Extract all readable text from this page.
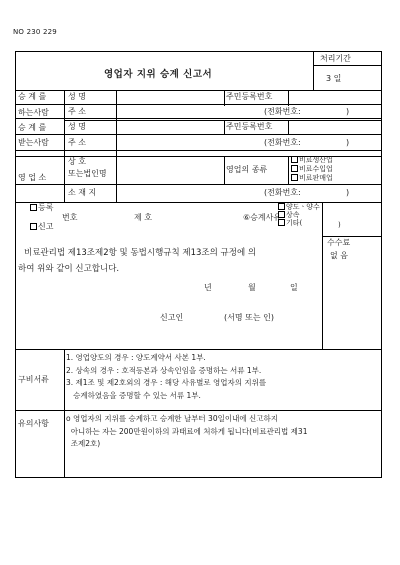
NO 230 229
영업자 지위 승계 신고서
처리기간
3 일
승 계 를
하는사람
성 명	주민등록번호
주 소	(전화번호:	)
승 계 를
받는사람
성 명	주민등록번호
주 소	(전화번호:	)
영 업 소
상 호
또는법인명	영업의 종류
비료생산업
비료수입업
비료판매업
소 재 지	(전화번호:	)
등록
신고
번호	제 호	⑥승계사유
양도ㆍ양수
상속
기타(	)
수수료
없 음
비료관리법 제13조제2항 및 동법시행규칙 제13조의 규정에 의
하여 위와 같이 신고합니다.
년	월	일
신고인	(서명 또는 인)
구비서류
1. 영업양도의 경우 : 양도계약서 사본 1부.
2. 상속의 경우 : 호적등본과 상속인임을 증명하는 서류 1부.
3. 제1조 및 제2호외의 경우 : 해당 사유별로 영업자의 지위를
승계하였음을 증명할 수 있는 서류 1부.
유의사항
o 영업자의 지위를 승계하고 승계한 날부터 30일이내에 신고하지
아니하는 자는 200만원이하의 과태료에 처하게 됩니다(비료관리법 제31
조제2호)
